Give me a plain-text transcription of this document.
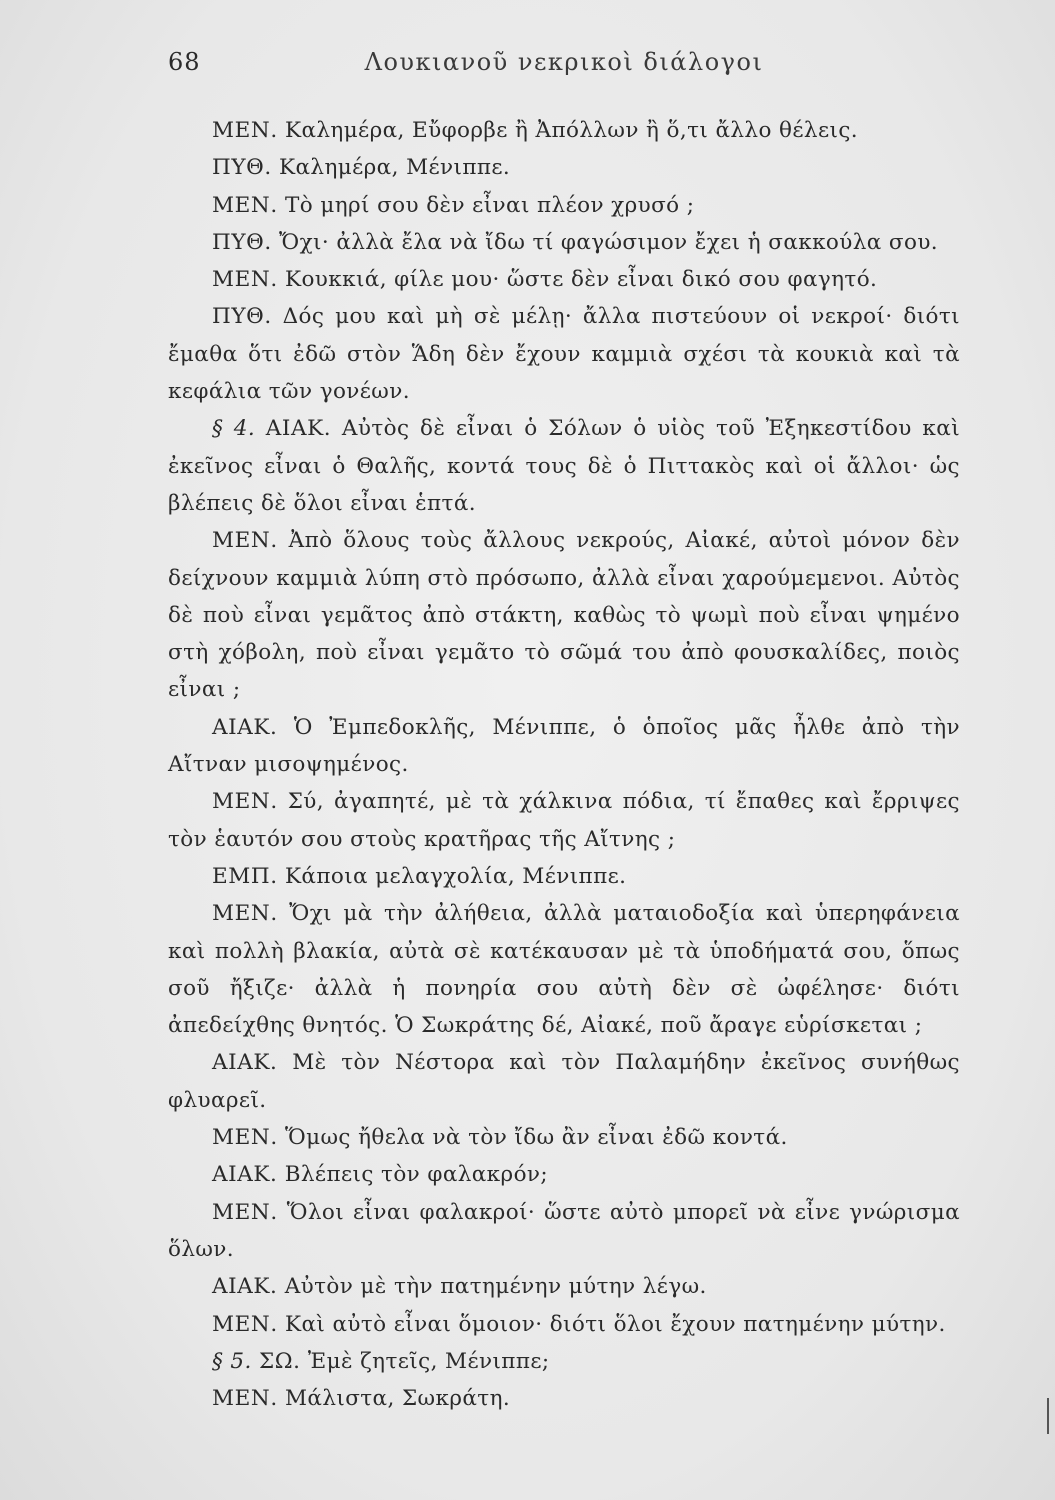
68	Λουκιανοῦ νεκρικοὶ διάλογοι

ΜΕΝ. Καλημέρα, Εὔφορβε ἢ Ἀπόλλων ἢ ὅ,τι ἄλλο θέλεις.

ΠΥΘ. Καλημέρα, Μένιππε.

ΜΕΝ. Τὸ μηρί σου δὲν εἶναι πλέον χρυσό ;

ΠΥΘ. Ὄχι· ἀλλὰ ἔλα νὰ ἴδω τί φαγώσιμον ἔχει ἡ σακκούλα σου.

ΜΕΝ. Κουκκιά, φίλε μου· ὥστε δὲν εἶναι δικό σου φαγητό.

ΠΥΘ. Δός μου καὶ μὴ σὲ μέλῃ· ἄλλα πιστεύουν οἱ νεκροί· διότι ἔμαθα ὅτι ἐδῶ στὸν Ἅδη δὲν ἔχουν καμμιὰ σχέσι τὰ κουκιὰ καὶ τὰ κεφάλια τῶν γονέων.

§ 4. ΑΙΑΚ. Αὐτὸς δὲ εἶναι ὁ Σόλων ὁ υἱὸς τοῦ Ἐξηκεστίδου καὶ ἐκεῖνος εἶναι ὁ Θαλῆς, κοντά τους δὲ ὁ Πιττακὸς καὶ οἱ ἄλλοι· ὡς βλέπεις δὲ ὅλοι εἶναι ἑπτά.

ΜΕΝ. Ἀπὸ ὅλους τοὺς ἄλλους νεκρούς, Αἰακέ, αὐτοὶ μόνον δὲν δείχνουν καμμιὰ λύπη στὸ πρόσωπο, ἀλλὰ εἶναι χαρούμεμενοι. Αὐτὸς δὲ ποὺ εἶναι γεμᾶτος ἀπὸ στάκτη, καθὼς τὸ ψωμὶ ποὺ εἶναι ψημένο στὴ χόβολη, ποὺ εἶναι γεμᾶτο τὸ σῶμά του ἀπὸ φουσκαλίδες, ποιὸς εἶναι ;

ΑΙΑΚ. Ὁ Ἐμπεδοκλῆς, Μένιππε, ὁ ὁποῖος μᾶς ἦλθε ἀπὸ τὴν Αἴτναν μισοψημένος.

ΜΕΝ. Σύ, ἀγαπητέ, μὲ τὰ χάλκινα πόδια, τί ἔπαθες καὶ ἔρριψες τὸν ἑαυτόν σου στοὺς κρατῆρας τῆς Αἴτνης ;

ΕΜΠ. Κάποια μελαγχολία, Μένιππε.

ΜΕΝ. Ὄχι μὰ τὴν ἀλήθεια, ἀλλὰ ματαιοδοξία καὶ ὑπερηφάνεια καὶ πολλὴ βλακία, αὐτὰ σὲ κατέκαυσαν μὲ τὰ ὑποδήματά σου, ὅπως σοῦ ἤξιζε· ἀλλὰ ἡ πονηρία σου αὐτὴ δὲν σὲ ὠφέλησε· διότι ἀπεδείχθης θνητός. Ὁ Σωκράτης δέ, Αἰακέ, ποῦ ἄραγε εὑρίσκεται ;

ΑΙΑΚ. Μὲ τὸν Νέστορα καὶ τὸν Παλαμήδην ἐκεῖνος συνήθως φλυαρεῖ.

ΜΕΝ. Ὅμως ἤθελα νὰ τὸν ἴδω ἂν εἶναι ἐδῶ κοντά.

ΑΙΑΚ. Βλέπεις τὸν φαλακρόν;

ΜΕΝ. Ὅλοι εἶναι φαλακροί· ὥστε αὐτὸ μπορεῖ νὰ εἶνε γνώρισμα ὅλων.

ΑΙΑΚ. Αὐτὸν μὲ τὴν πατημένην μύτην λέγω.

ΜΕΝ. Καὶ αὐτὸ εἶναι ὅμοιον· διότι ὅλοι ἔχουν πατημένην μύτην.

§ 5. ΣΩ. Ἐμὲ ζητεῖς, Μένιππε;

ΜΕΝ. Μάλιστα, Σωκράτη.
